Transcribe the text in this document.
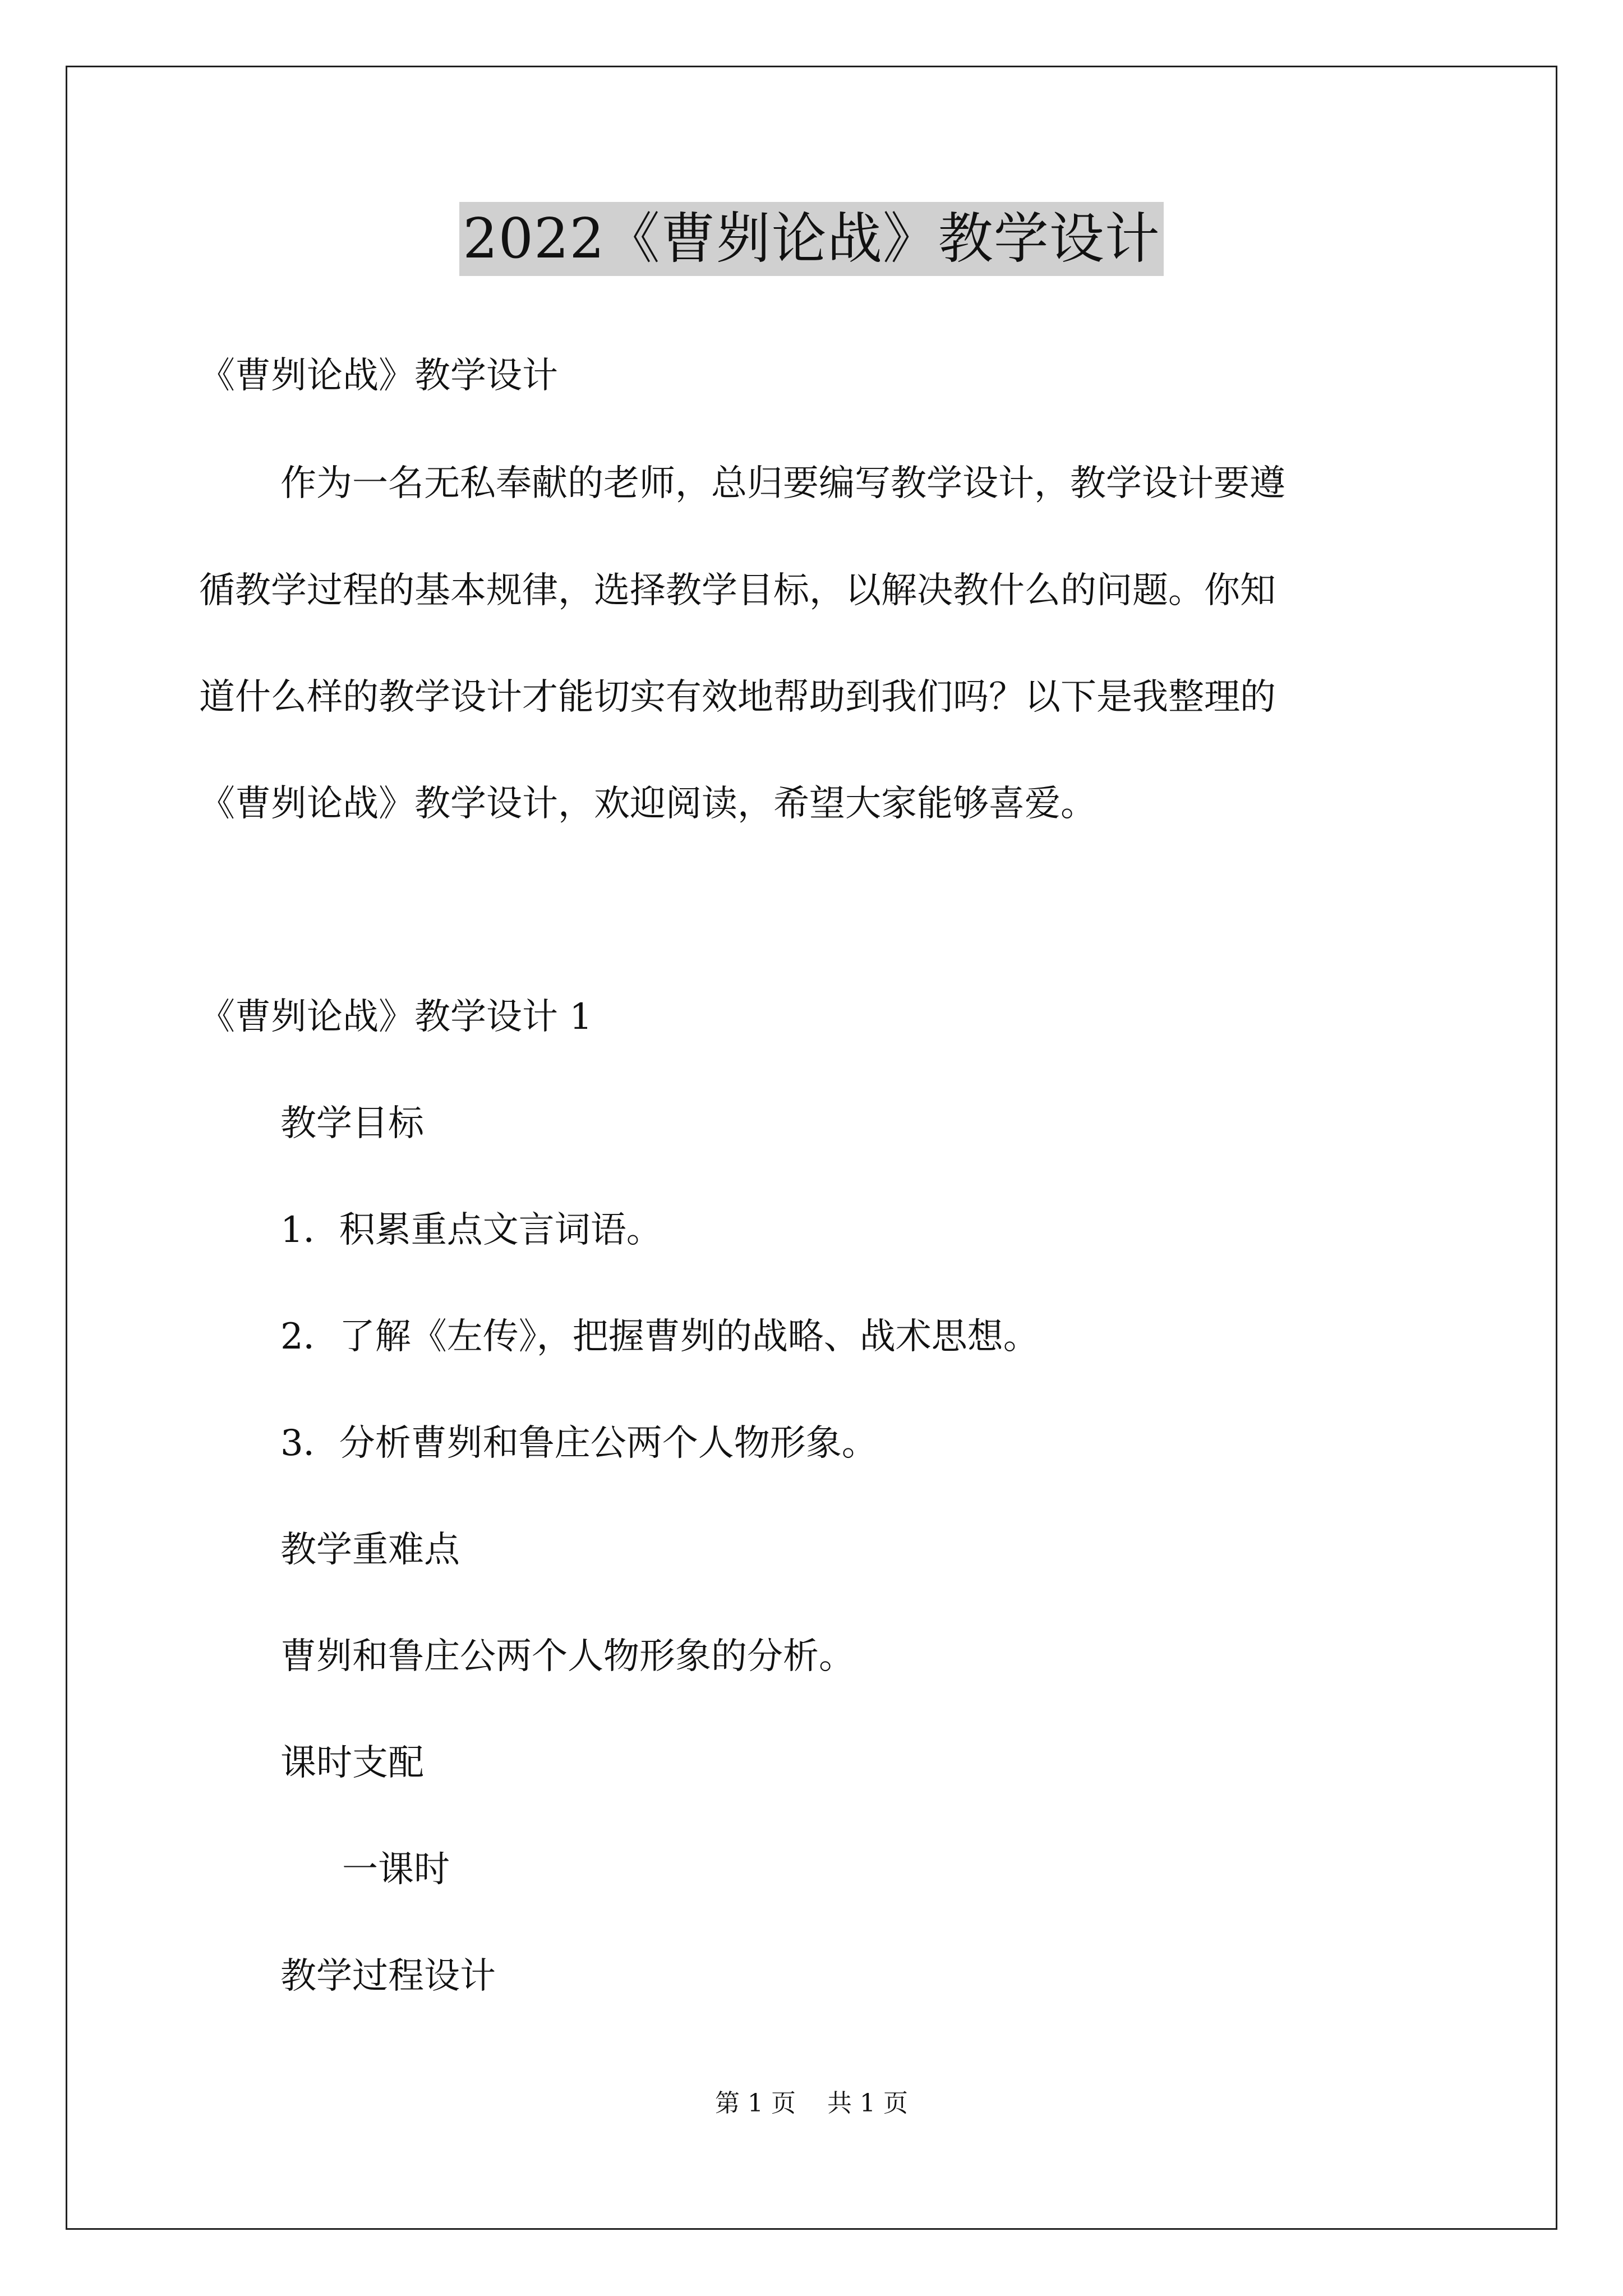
2022《曹刿论战》教学设计
《曹刿论战》教学设计
作为一名无私奉献的老师，总归要编写教学设计，教学设计要遵
循教学过程的基本规律，选择教学目标，以解决教什么的问题。你知
道什么样的教学设计才能切实有效地帮助到我们吗？以下是我整理的
《曹刿论战》教学设计，欢迎阅读，希望大家能够喜爱。
《曹刿论战》教学设计 1
教学目标
1．积累重点文言词语。
2．了解《左传》，把握曹刿的战略、战术思想。
3．分析曹刿和鲁庄公两个人物形象。
教学重难点
曹刿和鲁庄公两个人物形象的分析。
课时支配
一课时
教学过程设计
第 1 页 共 1 页
